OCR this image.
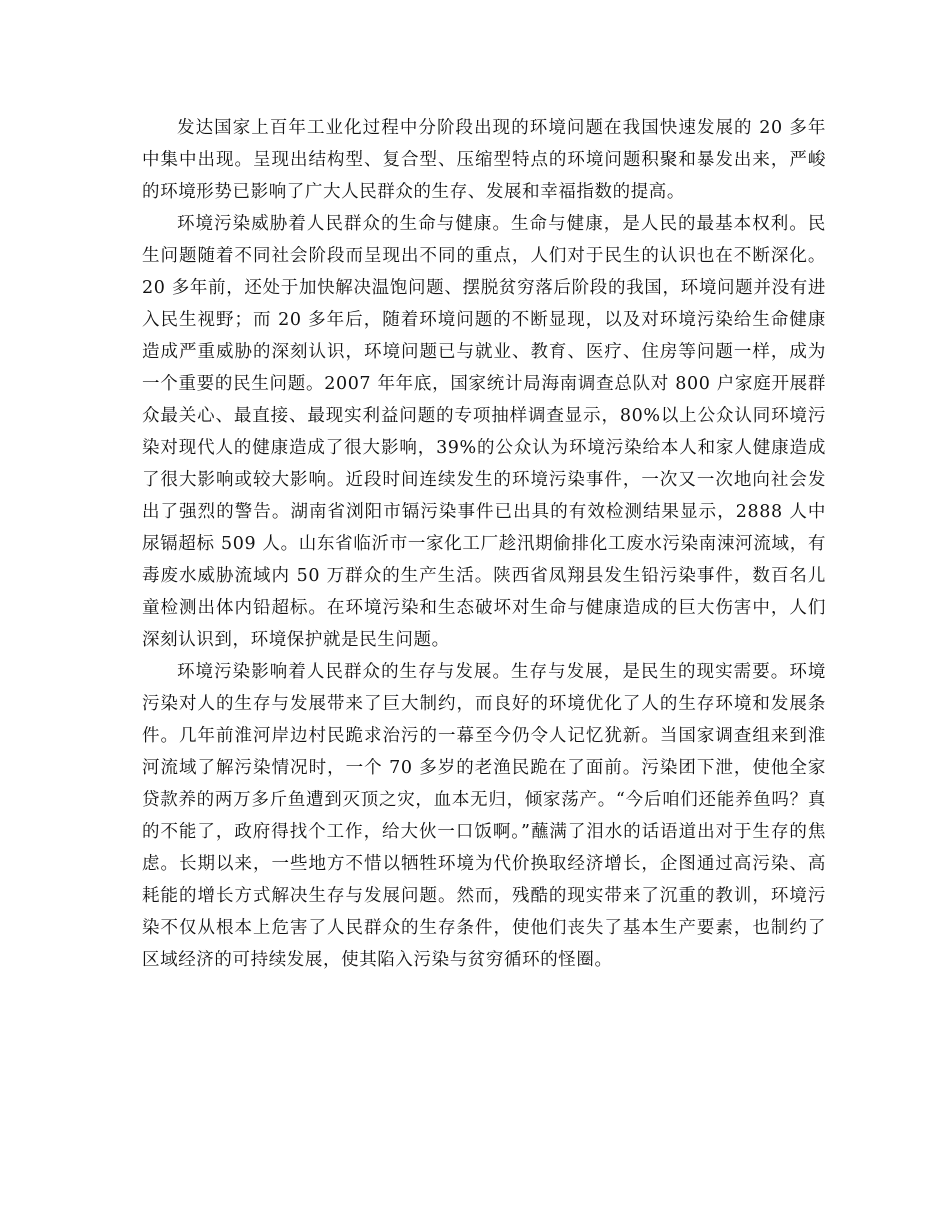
发达国家上百年工业化过程中分阶段出现的环境问题在我国快速发展的 20 多年中集中出现。呈现出结构型、复合型、压缩型特点的环境问题积聚和暴发出来，严峻的环境形势已影响了广大人民群众的生存、发展和幸福指数的提高。

环境污染威胁着人民群众的生命与健康。生命与健康，是人民的最基本权利。民生问题随着不同社会阶段而呈现出不同的重点，人们对于民生的认识也在不断深化。20 多年前，还处于加快解决温饱问题、摆脱贫穷落后阶段的我国，环境问题并没有进入民生视野；而 20 多年后，随着环境问题的不断显现，以及对环境污染给生命健康造成严重威胁的深刻认识，环境问题已与就业、教育、医疗、住房等问题一样，成为一个重要的民生问题。2007 年年底，国家统计局海南调查总队对 800 户家庭开展群众最关心、最直接、最现实利益问题的专项抽样调查显示，80%以上公众认同环境污染对现代人的健康造成了很大影响，39%的公众认为环境污染给本人和家人健康造成了很大影响或较大影响。近段时间连续发生的环境污染事件，一次又一次地向社会发出了强烈的警告。湖南省浏阳市镉污染事件已出具的有效检测结果显示，2888 人中尿镉超标 509 人。山东省临沂市一家化工厂趁汛期偷排化工废水污染南涑河流域，有毒废水威胁流域内 50 万群众的生产生活。陕西省凤翔县发生铅污染事件，数百名儿童检测出体内铅超标。在环境污染和生态破坏对生命与健康造成的巨大伤害中，人们深刻认识到，环境保护就是民生问题。

环境污染影响着人民群众的生存与发展。生存与发展，是民生的现实需要。环境污染对人的生存与发展带来了巨大制约，而良好的环境优化了人的生存环境和发展条件。几年前淮河岸边村民跪求治污的一幕至今仍令人记忆犹新。当国家调查组来到淮河流域了解污染情况时，一个 70 多岁的老渔民跪在了面前。污染团下泄，使他全家贷款养的两万多斤鱼遭到灭顶之灾，血本无归，倾家荡产。“今后咱们还能养鱼吗？真的不能了，政府得找个工作，给大伙一口饭啊。”蘸满了泪水的话语道出对于生存的焦虑。长期以来，一些地方不惜以牺牲环境为代价换取经济增长，企图通过高污染、高耗能的增长方式解决生存与发展问题。然而，残酷的现实带来了沉重的教训，环境污染不仅从根本上危害了人民群众的生存条件，使他们丧失了基本生产要素，也制约了区域经济的可持续发展，使其陷入污染与贫穷循环的怪圈。
